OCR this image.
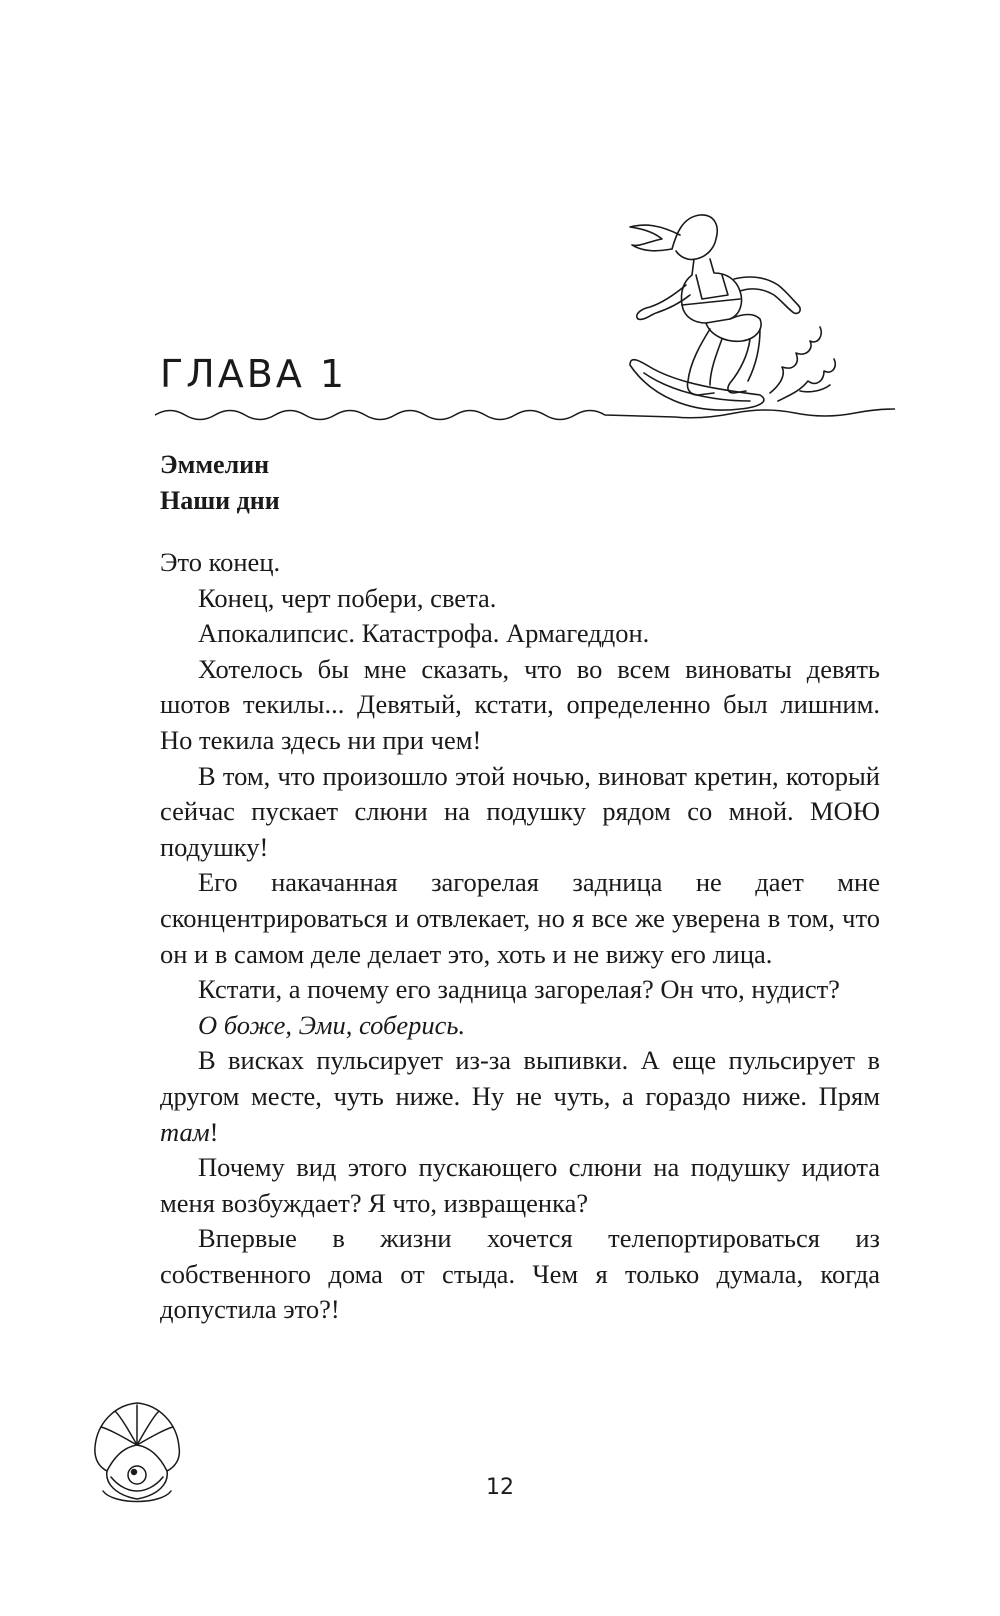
ГЛАВА 1
Эммелин
Наши дни

Это конец.

Конец, черт побери, света.

Апокалипсис. Катастрофа. Армагеддон.

Хотелось бы мне сказать, что во всем виноваты девять шотов текилы... Девятый, кстати, определенно был лишним. Но текила здесь ни при чем!

В том, что произошло этой ночью, виноват кретин, который сейчас пускает слюни на подушку рядом со мной. МОЮ подушку!

Его накачанная загорелая задница не дает мне сконцентрироваться и отвлекает, но я все же уверена в том, что он и в самом деле делает это, хоть и не вижу его лица.

Кстати, а почему его задница загорелая? Он что, нудист?

О боже, Эми, соберись.

В висках пульсирует из-за выпивки. А еще пульсирует в другом месте, чуть ниже. Ну не чуть, а гораздо ниже. Прям там!

Почему вид этого пускающего слюни на подушку идиота меня возбуждает? Я что, извращенка?

Впервые в жизни хочется телепортироваться из собственного дома от стыда. Чем я только думала, когда допустила это?!

12
